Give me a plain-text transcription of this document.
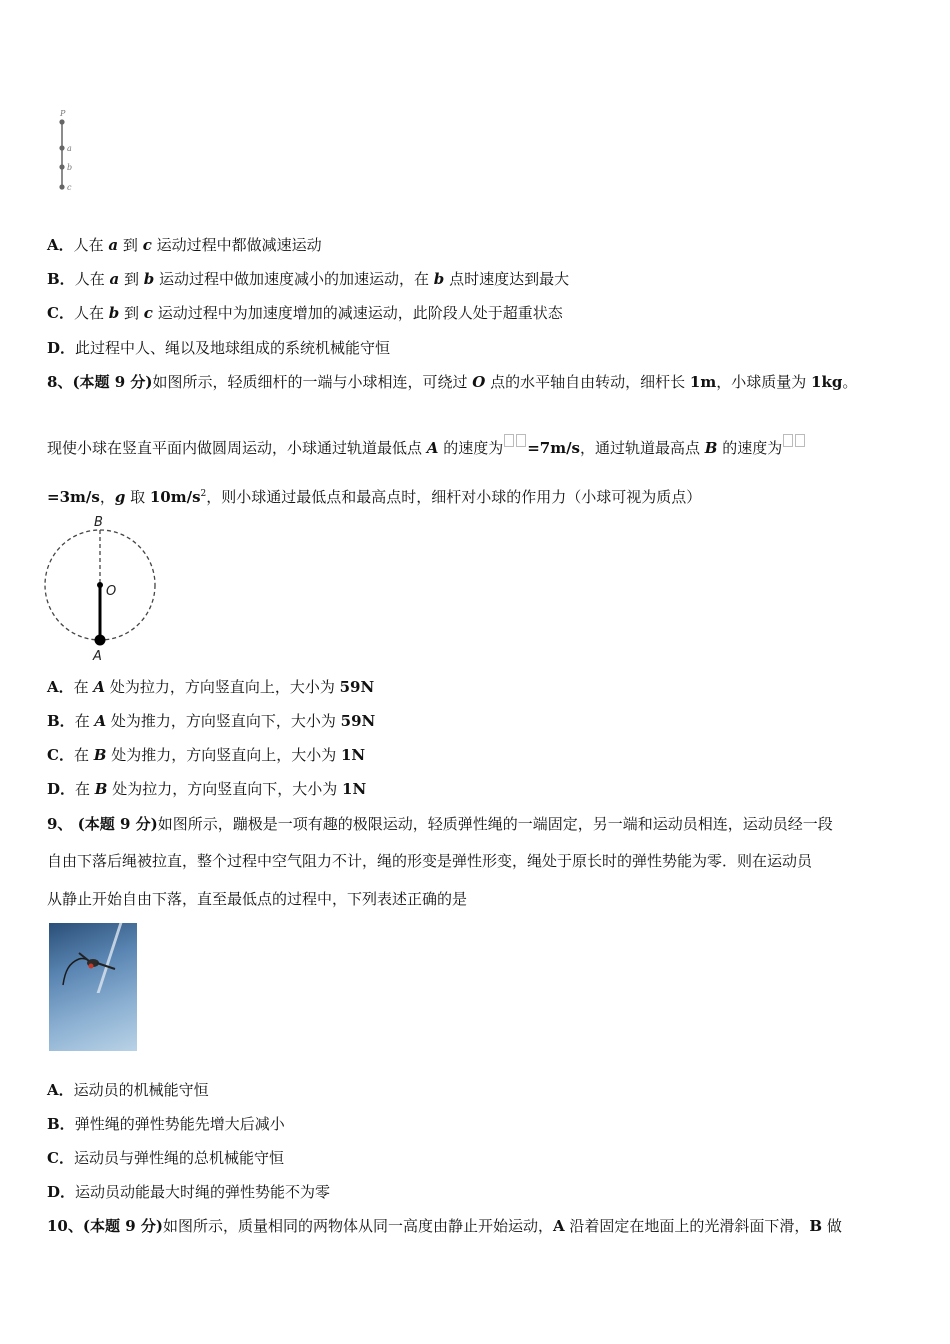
P
a
b
c
A．人在 a 到 c 运动过程中都做减速运动
B．人在 a 到 b 运动过程中做加速度减小的加速运动，在 b 点时速度达到最大
C．人在 b 到 c 运动过程中为加速度增加的减速运动，此阶段人处于超重状态
D．此过程中人、绳以及地球组成的系统机械能守恒
8、(本题 9 分)如图所示，轻质细杆的一端与小球相连，可绕过 O 点的水平轴自由转动，细杆长 1m，小球质量为 1kg。
现使小球在竖直平面内做圆周运动，小球通过轨道最低点 A 的速度为 =7m/s，通过轨道最高点 B 的速度为
=3m/s，g 取 $10m/s^2$，则小球通过最低点和最高点时，细杆对小球的作用力（小球可视为质点）
B
O
A
A．在 A 处为拉力，方向竖直向上，大小为 59N
B．在 A 处为推力，方向竖直向下，大小为 59N
C．在 B 处为推力，方向竖直向上，大小为 1N
D．在 B 处为拉力，方向竖直向下，大小为 1N
9、 (本题 9 分)如图所示，蹦极是一项有趣的极限运动，轻质弹性绳的一端固定，另一端和运动员相连，运动员经一段
自由下落后绳被拉直，整个过程中空气阻力不计，绳的形变是弹性形变，绳处于原长时的弹性势能为零．则在运动员
从静止开始自由下落，直至最低点的过程中，下列表述正确的是
A．运动员的机械能守恒
B．弹性绳的弹性势能先增大后减小
C．运动员与弹性绳的总机械能守恒
D．运动员动能最大时绳的弹性势能不为零
10、(本题 9 分)如图所示，质量相同的两物体从同一高度由静止开始运动，A 沿着固定在地面上的光滑斜面下滑，B 做
